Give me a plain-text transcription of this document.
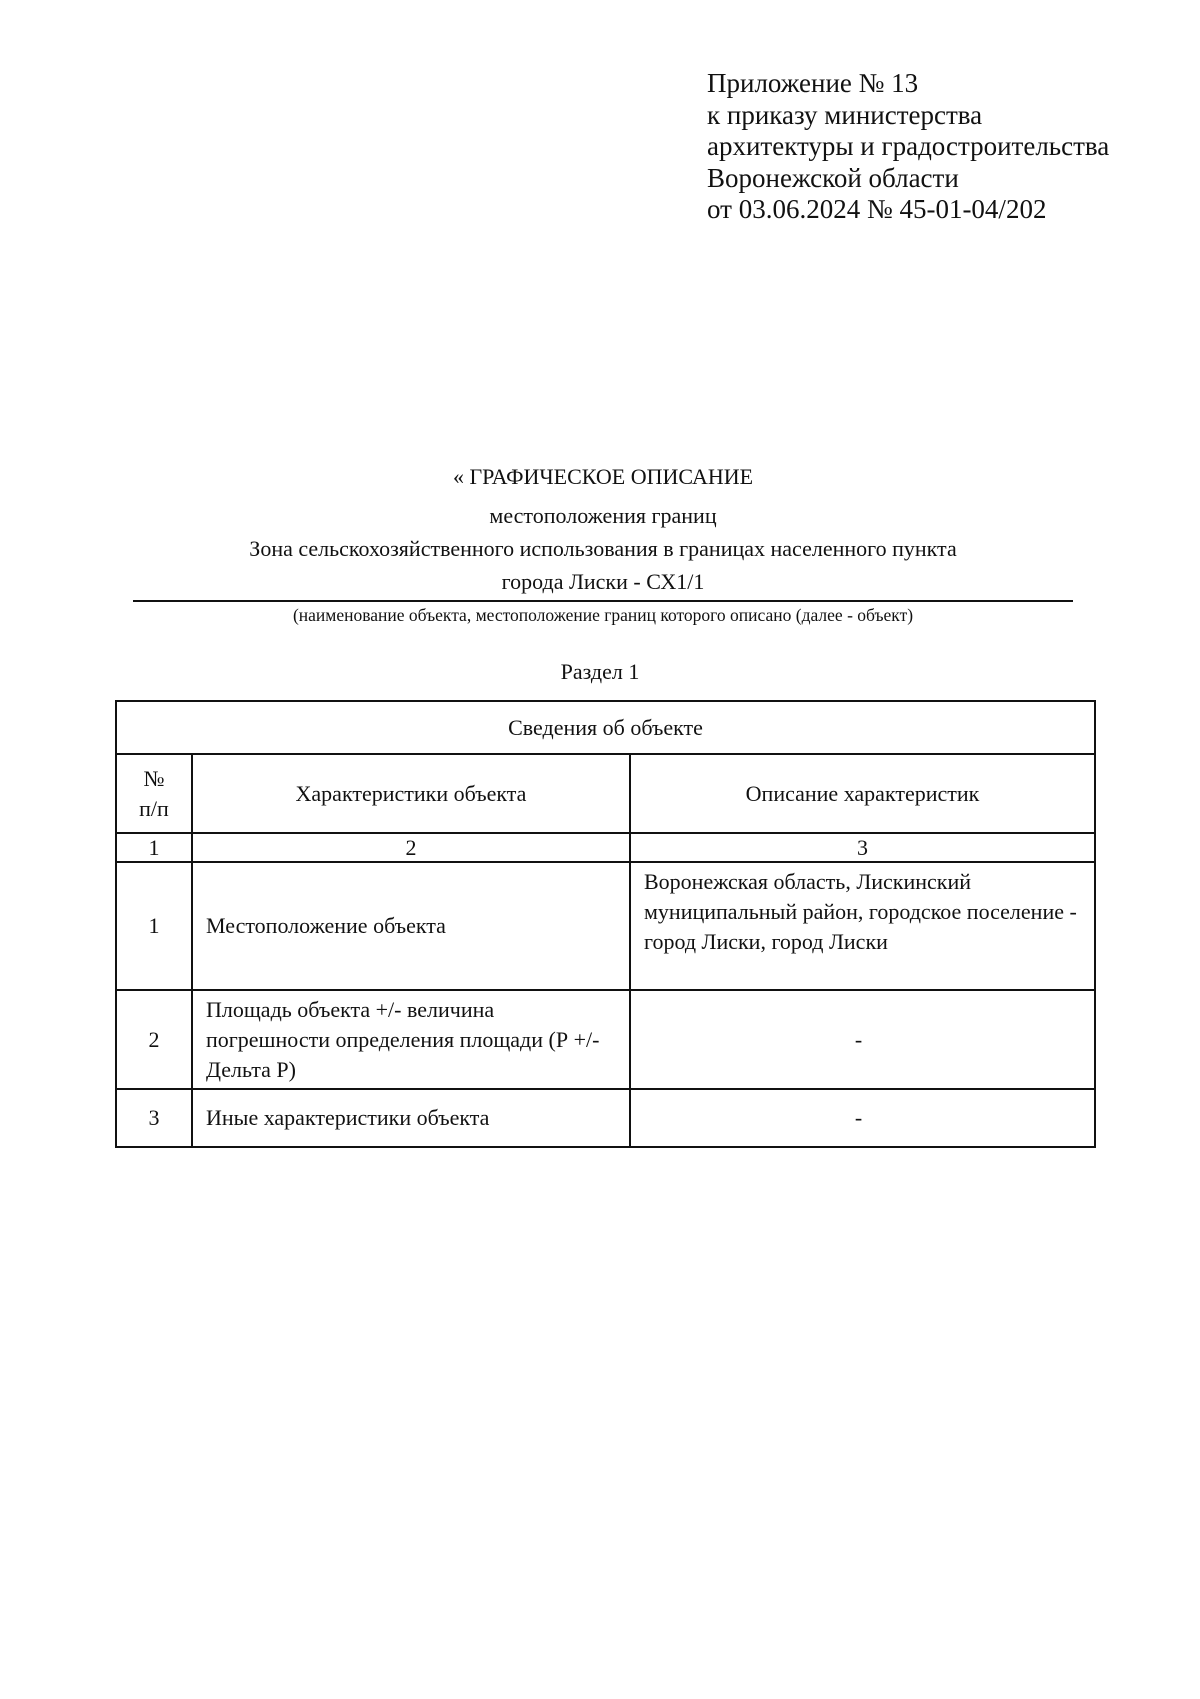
Приложение № 13
к приказу министерства
архитектуры и градостроительства
Воронежской области
от 03.06.2024 № 45-01-04/202
« ГРАФИЧЕСКОЕ ОПИСАНИЕ
местоположения границ
Зона сельскохозяйственного использования в границах населенного пункта
города Лиски - СХ1/1
(наименование объекта, местоположение границ которого описано (далее - объект)
Раздел 1
Сведения об объекте		

№
п/п	Характеристики объекта	Описание характеристик
1	2	3
1	Местоположение объекта	Воронежская область, Лискинский муниципальный район, городское поселение - город Лиски, город Лиски
2	Площадь объекта +/- величина погрешности определения площади (Р +/- Дельта Р)	-
3	Иные характеристики объекта	-
